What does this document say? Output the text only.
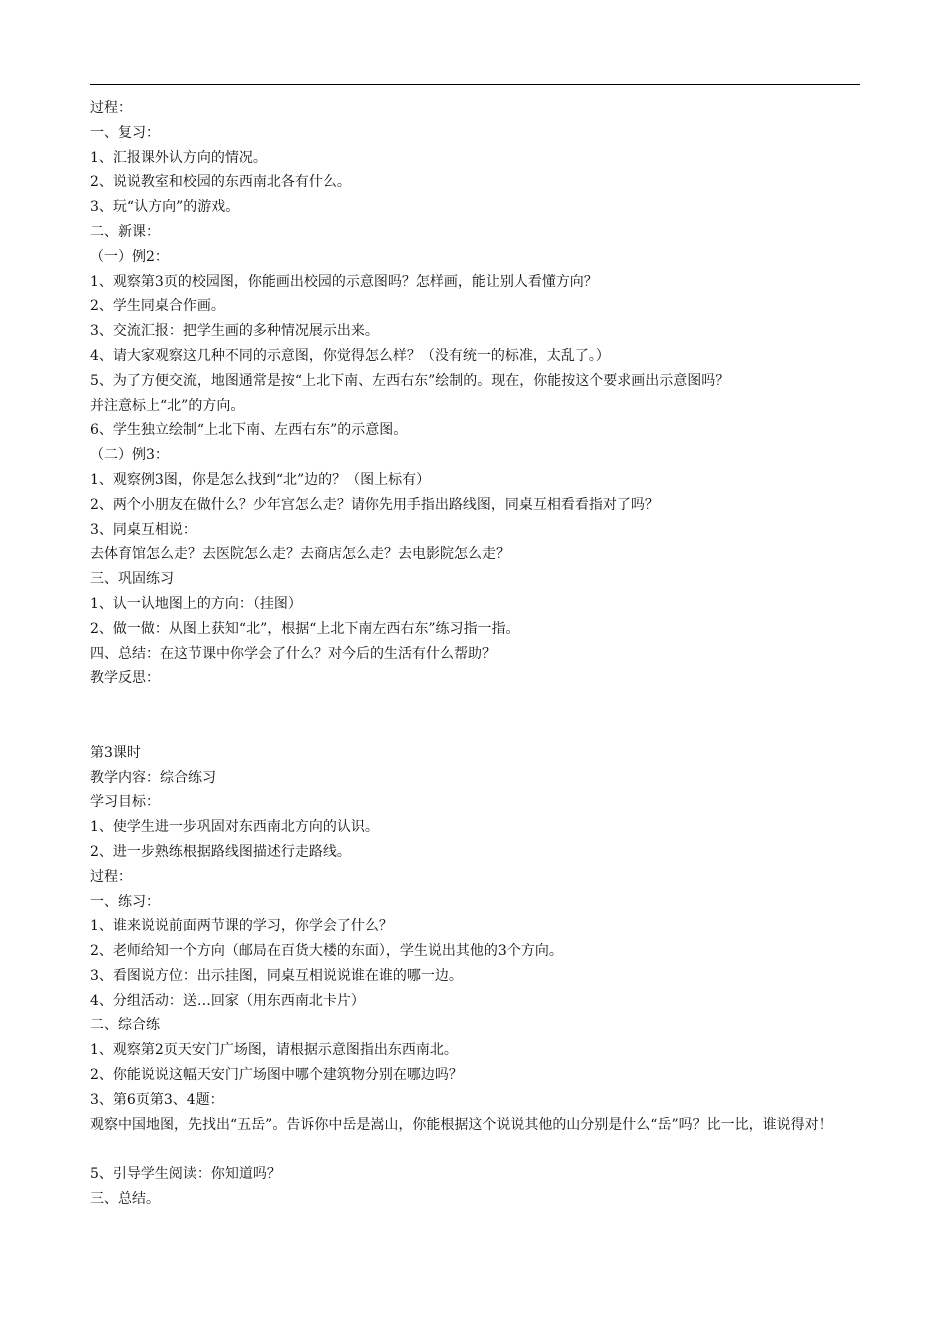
过程：
一、复习：
1、汇报课外认方向的情况。
2、说说教室和校园的东西南北各有什么。
3、玩“认方向”的游戏。
二、新课：
（一）例2：
1、观察第3页的校园图，你能画出校园的示意图吗？怎样画，能让别人看懂方向？
2、学生同桌合作画。
3、交流汇报：把学生画的多种情况展示出来。
4、请大家观察这几种不同的示意图，你觉得怎么样？（没有统一的标准，太乱了。）
5、为了方便交流，地图通常是按“上北下南、左西右东”绘制的。现在，你能按这个要求画出示意图吗？
并注意标上“北”的方向。
6、学生独立绘制“上北下南、左西右东”的示意图。
（二）例3：
1、观察例3图，你是怎么找到“北”边的？（图上标有）
2、两个小朋友在做什么？少年宫怎么走？请你先用手指出路线图，同桌互相看看指对了吗？
3、同桌互相说：
去体育馆怎么走？去医院怎么走？去商店怎么走？去电影院怎么走？
三、巩固练习
1、认一认地图上的方向：（挂图）
2、做一做：从图上获知“北”，根据“上北下南左西右东”练习指一指。
四、总结：在这节课中你学会了什么？对今后的生活有什么帮助？
教学反思：
第3课时
教学内容：综合练习
学习目标：
1、使学生进一步巩固对东西南北方向的认识。
2、进一步熟练根据路线图描述行走路线。
过程：
一、练习：
1、谁来说说前面两节课的学习，你学会了什么？
2、老师给知一个方向（邮局在百货大楼的东面），学生说出其他的3个方向。
3、看图说方位：出示挂图，同桌互相说说谁在谁的哪一边。
4、分组活动：送…回家（用东西南北卡片）
二、综合练
1、观察第2页天安门广场图，请根据示意图指出东西南北。
2、你能说说这幅天安门广场图中哪个建筑物分别在哪边吗？
3、第6页第3、4题：
观察中国地图，先找出“五岳”。告诉你中岳是嵩山，你能根据这个说说其他的山分别是什么“岳”吗？比一比，谁说得对！
5、引导学生阅读：你知道吗？
三、总结。
